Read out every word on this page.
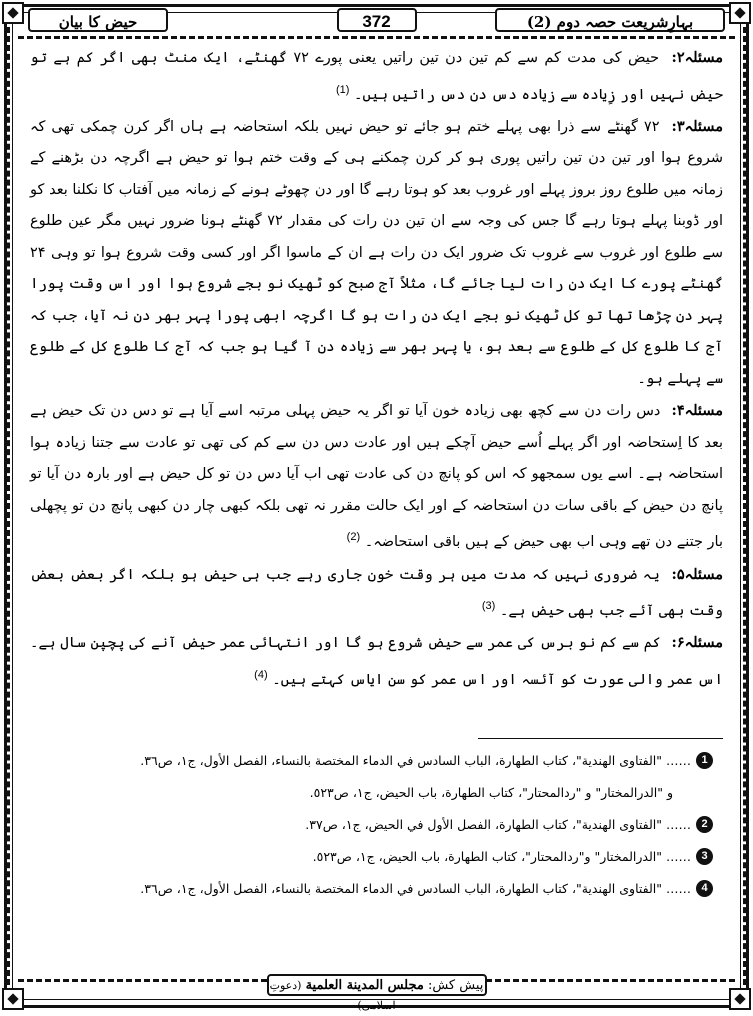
بہارِشریعت حصہ دوم (2)
372
حیض کا بیان

مسئلہ۲: حیض کی مدت کم سے کم تین دن تین راتیں یعنی پورے ۷۲ گھنٹے، ایک منٹ بھی اگر کم ہے تو حیض نہیں اور زِیادہ سے زیادہ دس دن دس راتیں ہیں۔ $^{(1)}$

مسئلہ۳: ۷۲ گھنٹے سے ذرا بھی پہلے ختم ہو جائے تو حیض نہیں بلکہ استحاضہ ہے ہاں اگر کرن چمکی تھی کہ شروع ہوا اور تین دن تین راتیں پوری ہو کر کرن چمکنے ہی کے وقت ختم ہوا تو حیض ہے اگرچہ دن بڑھنے کے زمانہ میں طلوع روز بروز پہلے اور غروب بعد کو ہوتا رہے گا اور دن چھوٹے ہونے کے زمانہ میں آفتاب کا نکلنا بعد کو اور ڈوبنا پہلے ہوتا رہے گا جس کی وجہ سے ان تین دن رات کی مقدار ۷۲ گھنٹے ہونا ضرور نہیں مگر عین طلوع سے طلوع اور غروب سے غروب تک ضرور ایک دن رات ہے ان کے ماسوا اگر اور کسی وقت شروع ہوا تو وہی ۲۴ گھنٹے پورے کا ایک دن رات لیا جائے گا، مثلاً آج صبح کو ٹھیک نو بجے شروع ہوا اور اس وقت پورا پہر دن چڑھا تھا تو کل ٹھیک نو بجے ایک دن رات ہو گا اگرچہ ابھی پورا پہر بھر دن نہ آیا، جب کہ آج کا طلوع کل کے طلوع سے بعد ہو، یا پہر بھر سے زیادہ دن آ گیا ہو جب کہ آج کا طلوع کل کے طلوع سے پہلے ہو۔

مسئلہ۴: دس رات دن سے کچھ بھی زیادہ خون آیا تو اگر یہ حیض پہلی مرتبہ اسے آیا ہے تو دس دن تک حیض ہے بعد کا اِستحاضہ اور اگر پہلے اُسے حیض آچکے ہیں اور عادت دس دن سے کم کی تھی تو عادت سے جتنا زیادہ ہوا استحاضہ ہے۔ اسے یوں سمجھو کہ اس کو پانچ دن کی عادت تھی اب آیا دس دن تو کل حیض ہے اور بارہ دن آیا تو پانچ دن حیض کے باقی سات دن استحاضہ کے اور ایک حالت مقرر نہ تھی بلکہ کبھی چار دن کبھی پانچ دن تو پچھلی بار جتنے دن تھے وہی اب بھی حیض کے ہیں باقی استحاضہ۔ $^{(2)}$

مسئلہ۵: یہ ضروری نہیں کہ مدت میں ہر وقت خون جاری رہے جب ہی حیض ہو بلکہ اگر بعض بعض وقت بھی آئے جب بھی حیض ہے۔ $^{(3)}$

مسئلہ۶: کم سے کم نو برس کی عمر سے حیض شروع ہو گا اور انتہائی عمر حیض آنے کی پچپن سال ہے۔ اس عمر والی عورت کو آئسہ اور اس عمر کو سن ایاس کہتے ہیں۔ $^{(4)}$

1
…… "الفتاوى الهندية"، كتاب الطهارة، الباب السادس في الدماء المختصة بالنساء، الفصل الأول، ج١، ص٣٦.
و "الدرالمختار" و "ردالمحتار"، كتاب الطهارة، باب الحيض، ج١، ص٥٢٣.
2
…… "الفتاوى الهندية"، كتاب الطهارة، الفصل الأول في الحيض، ج١، ص٣٧.
3
…… "الدرالمختار" و"ردالمحتار"، كتاب الطهارة، باب الحيض، ج١، ص٥٢٣.
4
…… "الفتاوى الهندية"، كتاب الطهارة، الباب السادس في الدماء المختصة بالنساء، الفصل الأول، ج١، ص٣٦.
پیش کش: مجلس المدينة العلمية (دعوتِ اسلامی)
